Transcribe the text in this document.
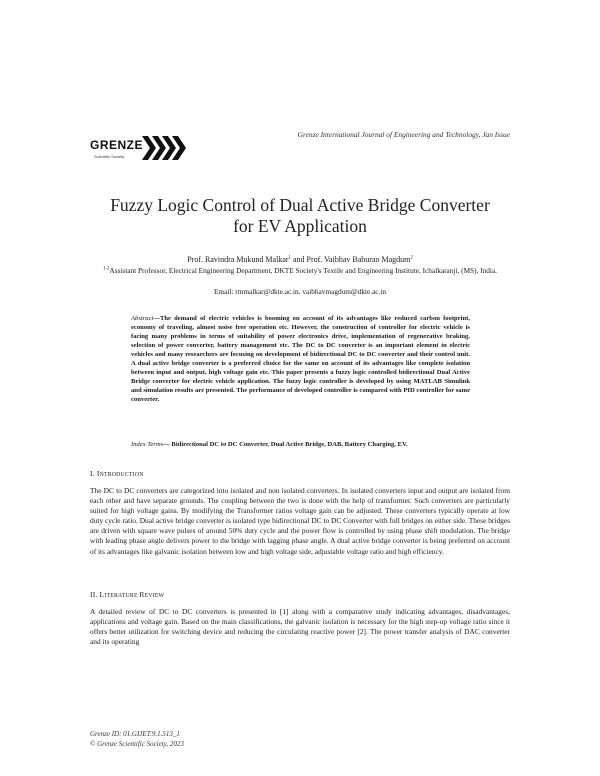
GRENZE
Scientific Society
Grenze International Journal of Engineering and Technology, Jan Issue
Fuzzy Logic Control of Dual Active Bridge Converter
for EV Application
Prof. Ravindra Mukund Malkar$^1$ and Prof. Vaibhav Baburao Magdum$^2$
$^{1-2}$Assistant Professor, Electrical Engineering Department, DKTE Society's Textile and Engineering Institute, Ichalkaranji, (MS), India.
Email: rmmalkar@dkte.ac.in, vaibhavmagdum@dkte.ac.in
Abstract—The demand of electric vehicles is booming on account of its advantages like reduced carbon footprint, economy of traveling, almost noise free operation etc. However, the construction of controller for electric vehicle is facing many problems in terms of suitability of power electronics drive, implementation of regenerative braking, selection of power converter, battery management etc. The DC to DC converter is an important element in electric vehicles and many researchers are focusing on development of bidirectional DC to DC converter and their control unit. A dual active bridge converter is a preferred choice for the same on account of its advantages like complete isolation between input and output, high voltage gain etc. This paper presents a fuzzy logic controlled bidirectional Dual Active Bridge converter for electric vehicle application. The fuzzy logic controller is developed by using MATLAB Simulink and simulation results are presented. The performance of developed controller is compared with PID controller for same converter.
Index Terms— Bidirectional DC to DC Converter, Dual Active Bridge, DAB, Battery Charging, EV.
I. INTRODUCTION
The DC to DC converters are categorized into isolated and non isolated converters. In isolated converters input and output are isolated from each other and have separate grounds. The coupling between the two is done with the help of transformer. Such converters are particularly suited for high voltage gains. By modifying the Transformer ratios voltage gain can be adjusted. These converters typically operate at low duty cycle ratio. Dual active bridge converter is isolated type bidirectional DC to DC Converter with full bridges on either side. These bridges are driven with square wave pulses of around 50% duty cycle and the power flow is controlled by using phase shift modulation. The bridge with leading phase angle delivers power to the bridge with lagging phase angle. A dual active bridge converter is being preferred on account of its advantages like galvanic isolation between low and high voltage side, adjustable voltage ratio and high efficiency.
II. LITERATURE REVIEW
A detailed review of DC to DC converters is presented in [1] along with a comparative study indicating advantages, disadvantages, applications and voltage gain. Based on the main classifications, the galvanic isolation is necessary for the high step-up voltage ratio since it offers better utilization for switching device and reducing the circulating reactive power [2]. The power transfer analysis of DAC converter and its operating
Grenze ID: 01.GIJET.9.1.513_1
© Grenze Scientific Society, 2023
